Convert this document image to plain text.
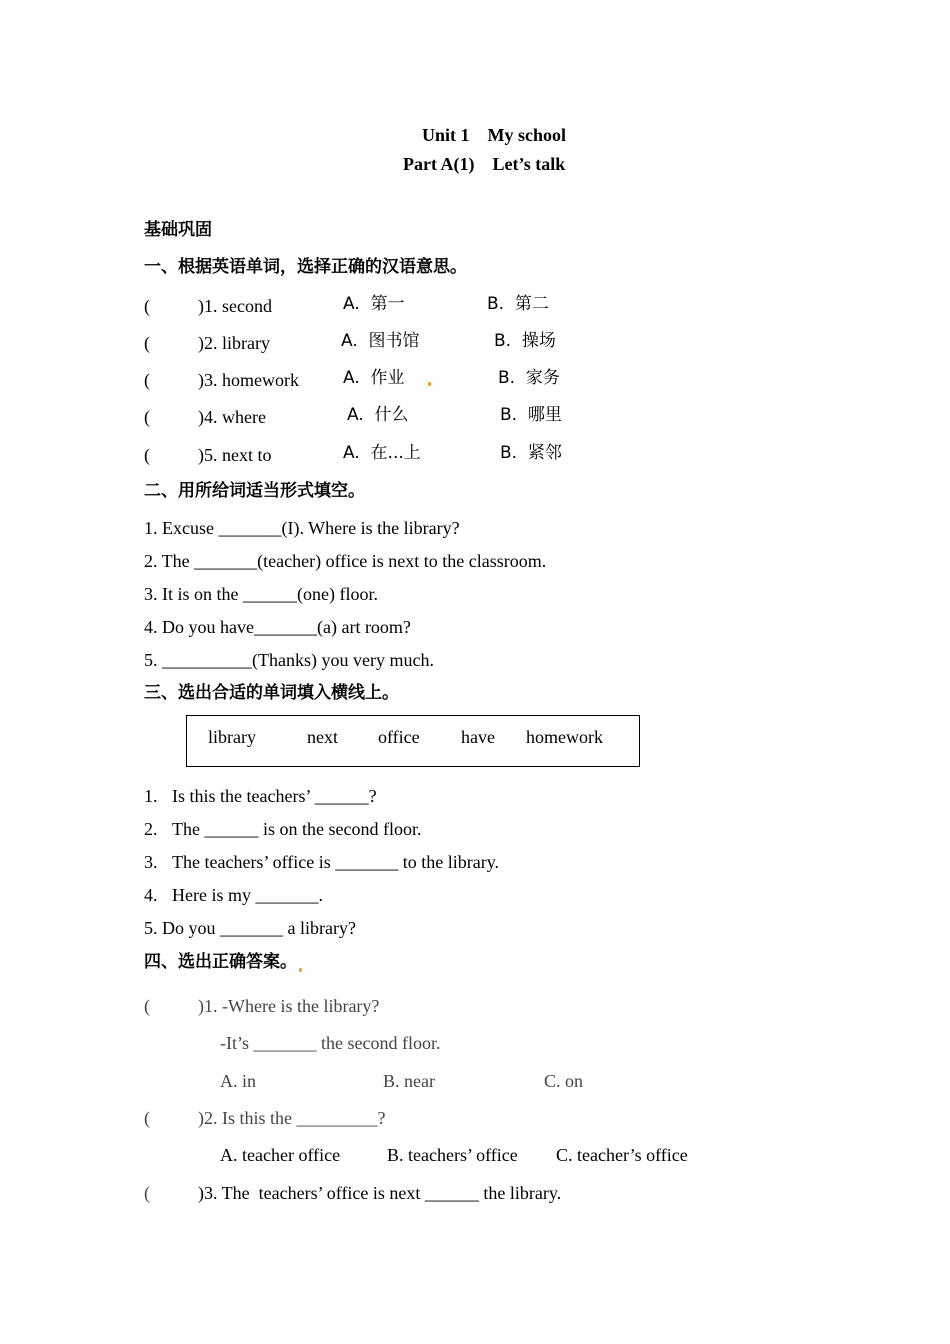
Unit 1    My school
Part A(1)    Let’s talk
基础巩固
一、根据英语单词，选择正确的汉语意思。
(	)1. second	A.  第一	B.  第二
(	)2. library	A.  图书馆	B.  操场
(	)3. homework	A.  作业	B.  家务
(	)4. where	A.  什么	B.  哪里
(	)5. next to	A.  在...上	B.  紧邻
二、用所给词适当形式填空。
1. Excuse _______(I). Where is the library?
2. The _______(teacher) office is next to the classroom.
3. It is on the ______(one) floor.
4. Do you have_______(a) art room?
5. __________(Thanks) you very much.
三、选出合适的单词填入横线上。
library	next office have homework
1. Is this the teachers’ ______?
2. The ______ is on the second floor.
3. The teachers’ office is _______ to the library.
4. Here is my _______.
5. Do you _______ a library?
四、选出正确答案。
(	)1. -Where is the library?
-It’s _______ the second floor.
A. in	B. near	C. on
(	)2. Is this the _________?
A. teacher office	B. teachers’ office C. teacher’s office
(	)3. The  teachers’ office is next ______ the library.
